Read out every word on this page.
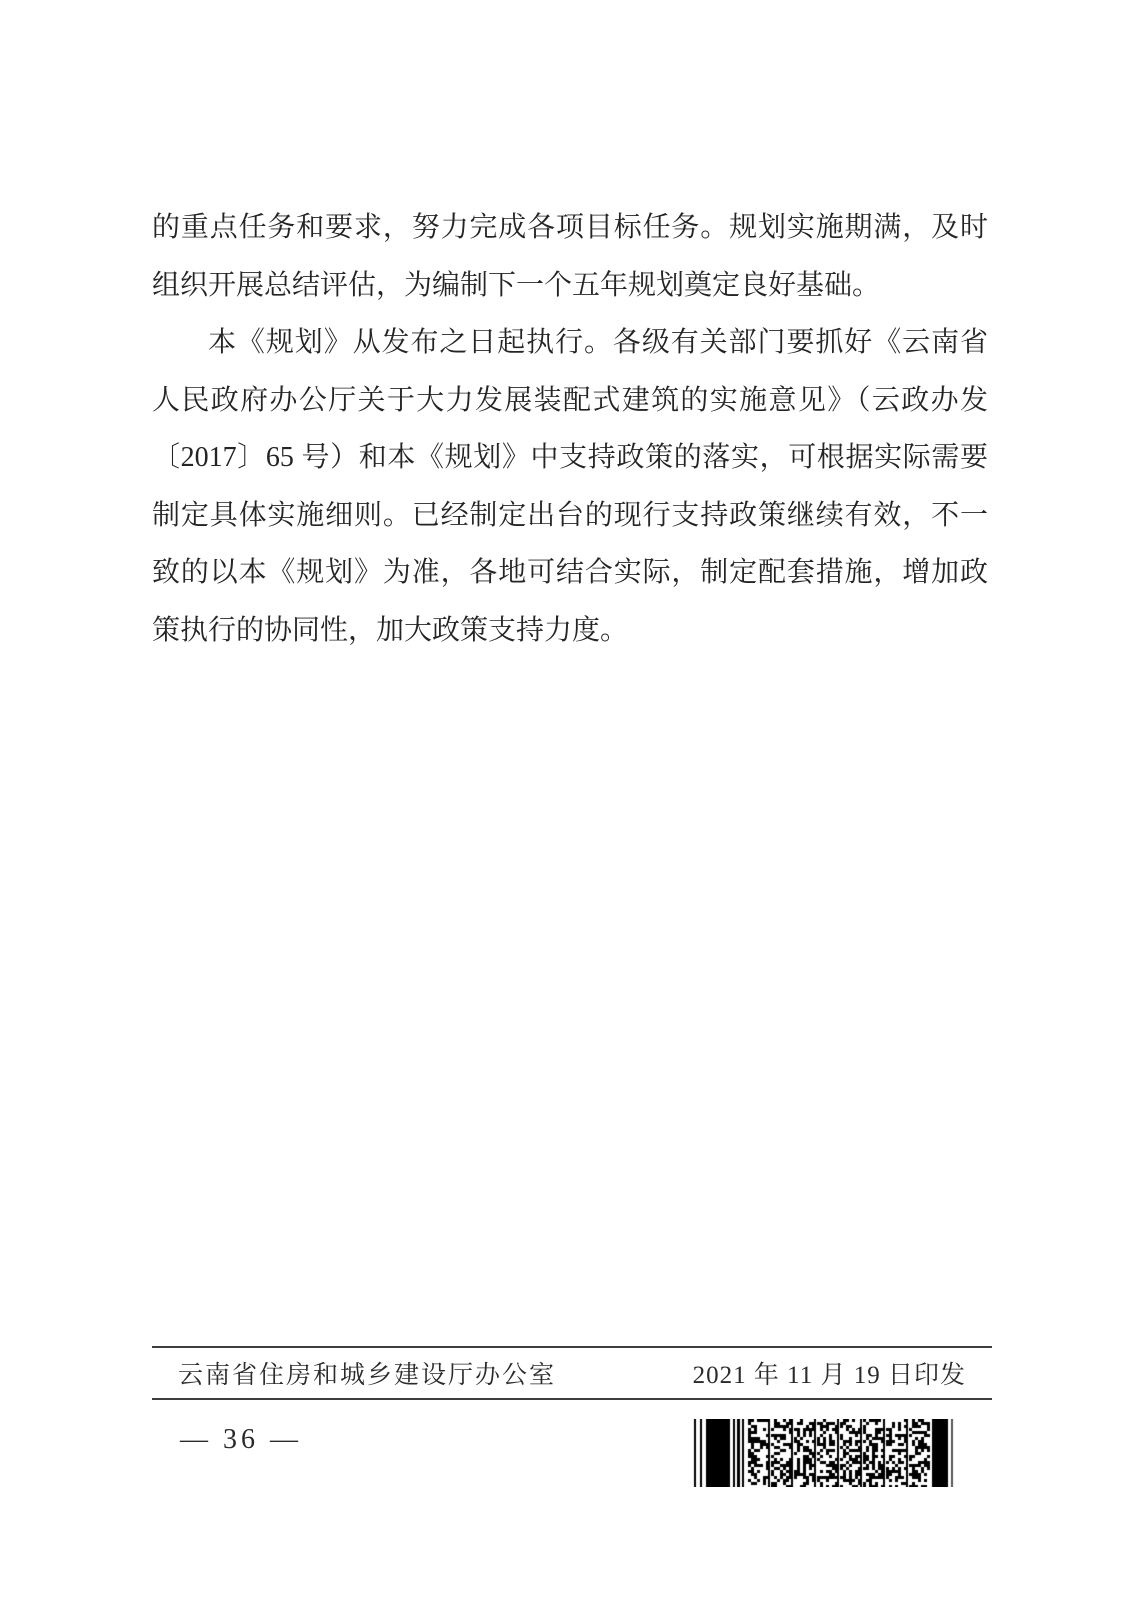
的重点任务和要求，努力完成各项目标任务。规划实施期满，及时

组织开展总结评估，为编制下一个五年规划奠定良好基础。

本《规划》从发布之日起执行。各级有关部门要抓好《云南省

人民政府办公厅关于大力发展装配式建筑的实施意见》（云政办发

〔2017〕65 号）和本《规划》中支持政策的落实，可根据实际需要

制定具体实施细则。已经制定出台的现行支持政策继续有效，不一

致的以本《规划》为准，各地可结合实际，制定配套措施，增加政

策执行的协同性，加大政策支持力度。

云南省住房和城乡建设厅办公室	2021 年 11 月 19 日印发
— 36 —
